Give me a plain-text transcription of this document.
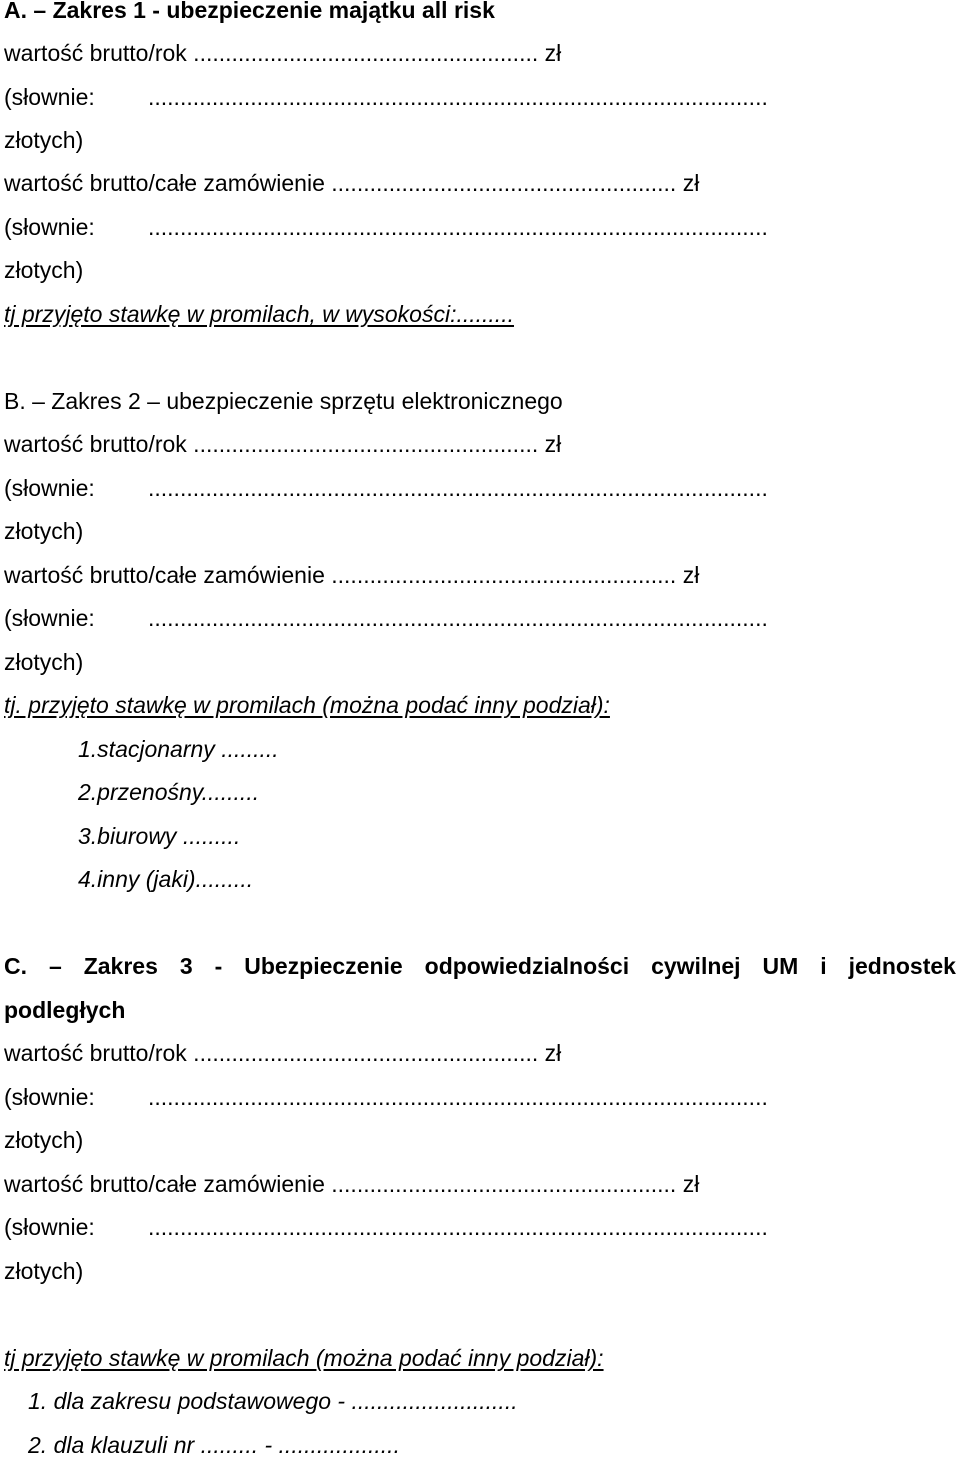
A. – Zakres 1 - ubezpieczenie majątku all risk
wartość brutto/rok ...................................................... zł
(słownie: .................................................................................................
złotych)
wartość brutto/całe zamówienie ...................................................... zł
(słownie: .................................................................................................
złotych)
tj przyjęto stawkę w promilach, w wysokości:.........
B. – Zakres 2 – ubezpieczenie sprzętu elektronicznego
wartość brutto/rok ...................................................... zł
(słownie: .................................................................................................
złotych)
wartość brutto/całe zamówienie ...................................................... zł
(słownie: .................................................................................................
złotych)
tj. przyjęto stawkę w promilach (można podać inny podział):
1.stacjonarny .........
2.przenośny.........
3.biurowy .........
4.inny (jaki).........
C. – Zakres 3 - Ubezpieczenie odpowiedzialności cywilnej UM i jednostek
podległych
wartość brutto/rok ...................................................... zł
(słownie: .................................................................................................
złotych)
wartość brutto/całe zamówienie ...................................................... zł
(słownie: .................................................................................................
złotych)
tj przyjęto stawkę w promilach (można podać inny podział):
1. dla zakresu podstawowego - ..........................
2. dla klauzuli nr ......... - ...................
